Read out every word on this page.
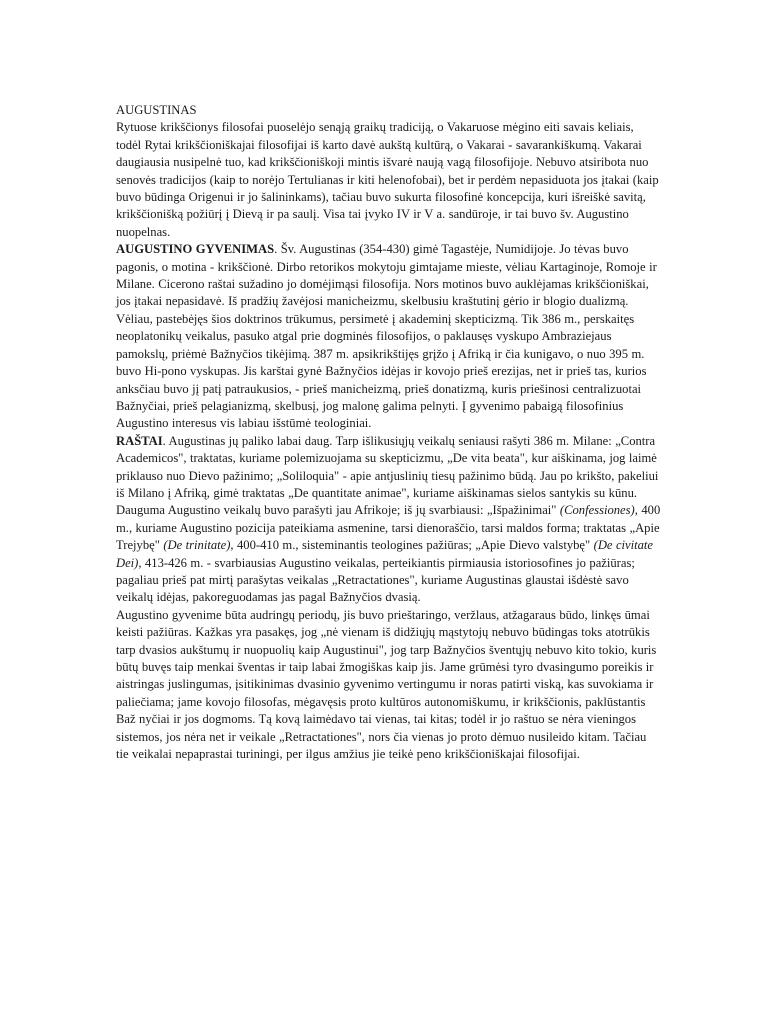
AUGUSTINAS

Rytuose krikščionys filosofai puoselėjo senąją graikų tradiciją, o Vakaruose mėgino eiti savais keliais, todėl Rytai krikščioniškajai filosofijai iš karto davė aukštą kultūrą, o Vakarai - savarankiškumą. Vakarai daugiausia nusipelnė tuo, kad krikščioniškoji mintis išvarė naują vagą filosofijoje. Nebuvo atsiribota nuo senovės tradicijos (kaip to norėjo Tertulianas ir kiti helenofobai), bet ir perdėm nepasiduota jos įtakai (kaip buvo būdinga Origenui ir jo šalininkams), tačiau buvo sukurta filosofinė koncepcija, kuri išreiškė savitą, krikščionišką požiūrį į Dievą ir pa saulį. Visa tai įvyko IV ir V a. sandūroje, ir tai buvo šv. Augustino nuopelnas.

AUGUSTINO GYVENIMAS. Šv. Augustinas (354-430) gimė Tagastėje, Numidijoje. Jo tėvas buvo pagonis, o motina - krikščionė. Dirbo retorikos mokytoju gimtajame mieste, vėliau Kartaginoje, Romoje ir Milane. Cicerono raštai sužadino jo domėjimąsi filosofija. Nors motinos buvo auklėjamas krikščioniškai, jos įtakai nepasidavė. Iš pradžių žavėjosi manicheizmu, skelbusiu kraštutinį gėrio ir blogio dualizmą. Vėliau, pastebėjęs šios doktrinos trūkumus, persimetė į akademinį skepticizmą. Tik 386 m., perskaitęs neoplatonikų veikalus, pasuko atgal prie dogminės filosofijos, o paklausęs vyskupo Ambraziejaus pamokslų, priėmė Bažnyčios tikėjimą. 387 m. apsikrikštijęs grįžo į Afriką ir čia kunigavo, o nuo 395 m. buvo Hi-pono vyskupas. Jis karštai gynė Bažnyčios idėjas ir kovojo prieš erezijas, net ir prieš tas, kurios anksčiau buvo jį patį patraukusios, - prieš manicheizmą, prieš donatizmą, kuris priešinosi centralizuotai Bažnyčiai, prieš pelagianizmą, skelbusį, jog malonę galima pelnyti. Į gyvenimo pabaigą filosofinius Augustino interesus vis labiau išstūmė teologiniai.

RAŠTAI. Augustinas jų paliko labai daug. Tarp išlikusiųjų veikalų seniausi rašyti 386 m. Milane: „Contra Academicos", traktatas, kuriame polemizuojama su skepticizmu, „De vita beata", kur aiškinama, jog laimė priklauso nuo Dievo pažinimo; „Soliloquia" - apie antjuslinių tiesų pažinimo būdą. Jau po krikšto, pakeliui iš Milano į Afriką, gimė traktatas „De quantitate animae", kuriame aiškinamas sielos santykis su kūnu. Dauguma Augustino veikalų buvo parašyti jau Afrikoje; iš jų svarbiausi: „Išpažinimai" (Confessiones), 400 m., kuriame Augustino pozicija pateikiama asmenine, tarsi dienoraščio, tarsi maldos forma; traktatas „Apie Trejybę" (De trinitate), 400-410 m., sisteminantis teologines pažiūras; „Apie Dievo valstybę" (De civitate Dei), 413-426 m. - svarbiausias Augustino veikalas, perteikiantis pirmiausia istoriosofines jo pažiūras; pagaliau prieš pat mirtį parašytas veikalas „Retractationes", kuriame Augustinas glaustai išdėstė savo veikalų idėjas, pakoreguodamas jas pagal Bažnyčios dvasią.

Augustino gyvenime būta audringų periodų, jis buvo prieštaringo, veržlaus, atžagaraus būdo, linkęs ūmai keisti pažiūras. Kažkas yra pasakęs, jog „nė vienam iš didžiųjų mąstytojų nebuvo būdingas toks atotrūkis tarp dvasios aukštumų ir nuopuolių kaip Augustinui", jog tarp Bažnyčios šventųjų nebuvo kito tokio, kuris būtų buvęs taip menkai šventas ir taip labai žmogiškas kaip jis. Jame grūmėsi tyro dvasingumo poreikis ir aistringas juslingumas, įsitikinimas dvasinio gyvenimo vertingumu ir noras patirti viską, kas suvokiama ir paliečiama; jame kovojo filosofas, mėgavęsis proto kultūros autonomiškumu, ir krikščionis, paklūstantis Baž nyčiai ir jos dogmoms. Tą kovą laimėdavo tai vienas, tai kitas; todėl ir jo raštuo se nėra vieningos sistemos, jos nėra net ir veikale „Retractationes", nors čia vienas jo proto dėmuo nusileido kitam. Tačiau tie veikalai nepaprastai turiningi, per ilgus amžius jie teikė peno krikščioniškajai filosofijai.
